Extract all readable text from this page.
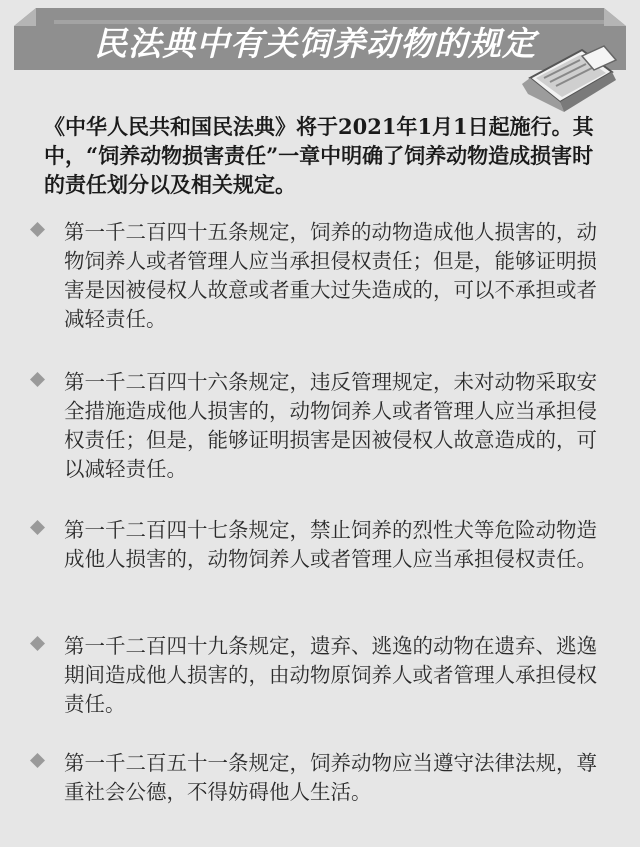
民法典中有关饲养动物的规定
《中华人民共和国民法典》将于2021年1月1日起施行。其中，“饲养动物损害责任”一章中明确了饲养动物造成损害时的责任划分以及相关规定。
第一千二百四十五条规定，饲养的动物造成他人损害的，动物饲养人或者管理人应当承担侵权责任；但是，能够证明损害是因被侵权人故意或者重大过失造成的，可以不承担或者减轻责任。
第一千二百四十六条规定，违反管理规定，未对动物采取安全措施造成他人损害的，动物饲养人或者管理人应当承担侵权责任；但是，能够证明损害是因被侵权人故意造成的，可以减轻责任。
第一千二百四十七条规定，禁止饲养的烈性犬等危险动物造成他人损害的，动物饲养人或者管理人应当承担侵权责任。
第一千二百四十九条规定，遗弃、逃逸的动物在遗弃、逃逸期间造成他人损害的，由动物原饲养人或者管理人承担侵权责任。
第一千二百五十一条规定，饲养动物应当遵守法律法规，尊重社会公德，不得妨碍他人生活。
